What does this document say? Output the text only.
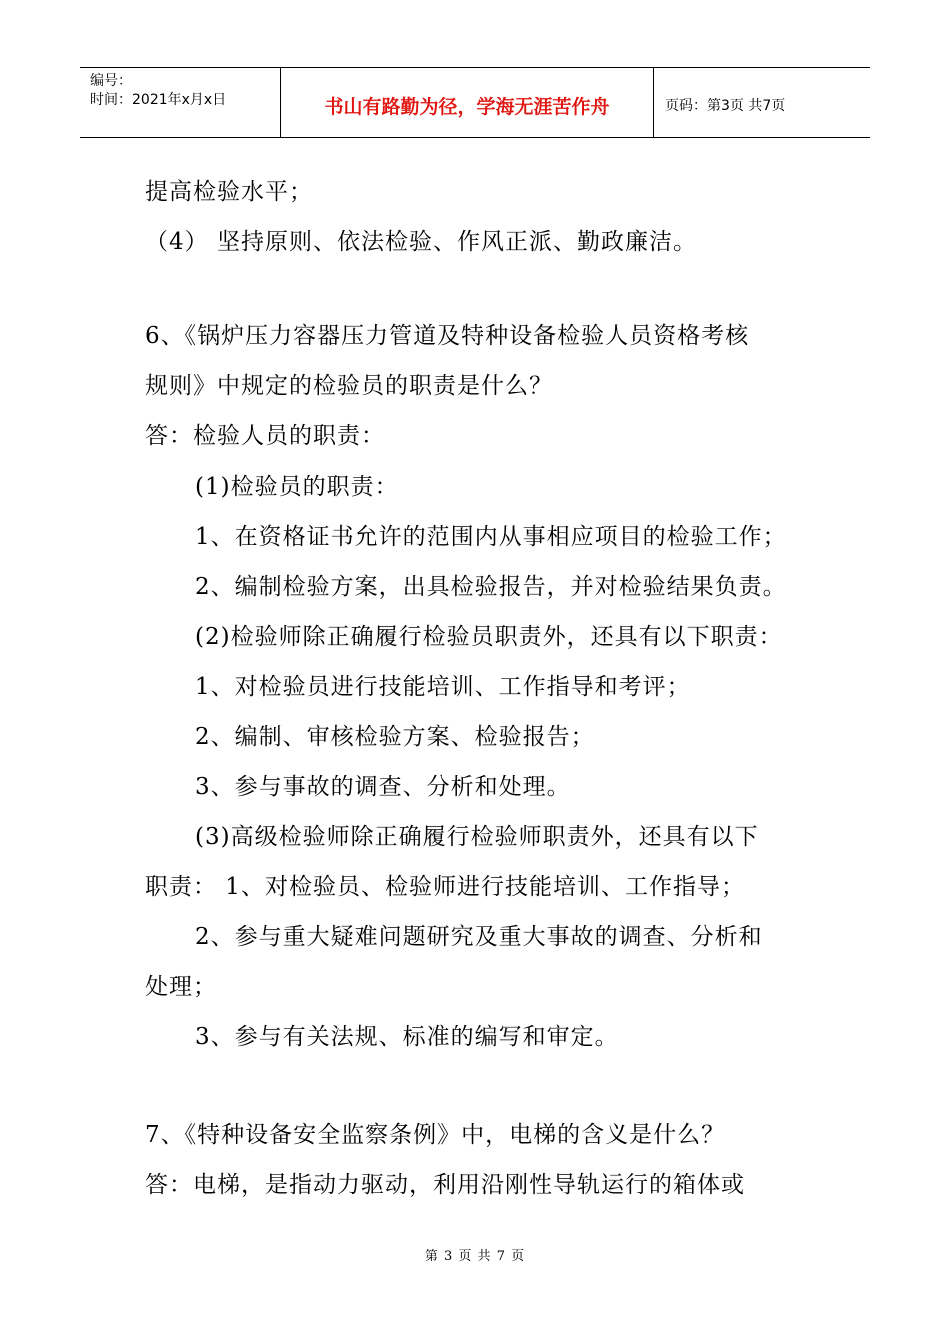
编号：
时间：2021年x月x日	书山有路勤为径，学海无涯苦作舟	页码：第3页 共7页
提高检验水平；
（4） 坚持原则、依法检验、作风正派、勤政廉洁。
6、《锅炉压力容器压力管道及特种设备检验人员资格考核
规则》中规定的检验员的职责是什么？
答：检验人员的职责：
(1)检验员的职责：
1、在资格证书允许的范围内从事相应项目的检验工作；
2、编制检验方案，出具检验报告，并对检验结果负责。
(2)检验师除正确履行检验员职责外，还具有以下职责：
1、对检验员进行技能培训、工作指导和考评；
2、编制、审核检验方案、检验报告；
3、参与事故的调查、分析和处理。
(3)高级检验师除正确履行检验师职责外，还具有以下
职责： 1、对检验员、检验师进行技能培训、工作指导；
2、参与重大疑难问题研究及重大事故的调查、分析和
处理；
3、参与有关法规、标准的编写和审定。
7、《特种设备安全监察条例》中，电梯的含义是什么？
答：电梯，是指动力驱动，利用沿刚性导轨运行的箱体或
第 3 页 共 7 页
